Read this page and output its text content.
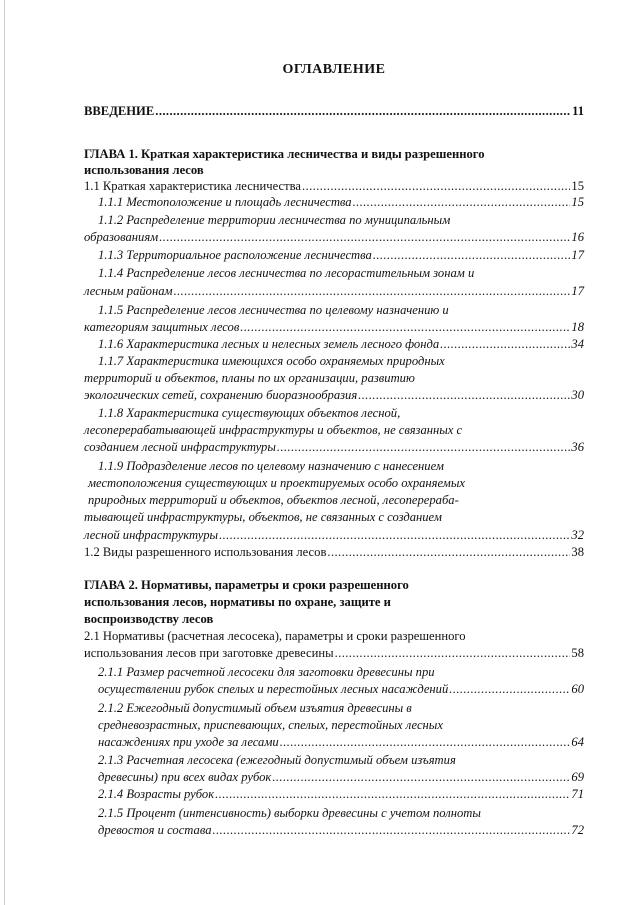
ОГЛАВЛЕНИЕ
ВВЕДЕНИЕ .....	11
ГЛАВА 1. Краткая характеристика лесничества и виды разрешенного
использования лесов
1.1 Краткая характеристика лесничества .....	15
1.1.1 Местоположение и площадь лесничества .....	15
1.1.2 Распределение территории лесничества по муниципальным
образованиям .....	16
1.1.3 Территориальное расположение лесничества .....	17
1.1.4 Распределение лесов лесничества по лесорастительным зонам и
лесным районам .....	17
1.1.5 Распределение лесов лесничества по целевому назначению и
категориям защитных лесов .....	18
1.1.6 Характеристика лесных и нелесных земель лесного фонда .....	34
1.1.7 Характеристика имеющихся особо охраняемых природных
территорий и объектов, планы по их организации, развитию
экологических сетей, сохранению биоразнообразия .....	30
1.1.8 Характеристика существующих объектов лесной,
лесоперерабатывающей инфраструктуры и объектов, не связанных с
созданием лесной инфраструктуры .....	36
1.1.9 Подразделение лесов по целевому назначению с нанесением
местоположения существующих и проектируемых особо охраняемых
природных территорий и объектов, объектов лесной, лесоперераба-
тывающей инфраструктуры, объектов, не связанных с созданием
лесной инфраструктуры .....	32
1.2 Виды разрешенного использования лесов .....	38
ГЛАВА 2. Нормативы, параметры и сроки разрешенного
использования лесов, нормативы по охране, защите и
воспроизводству лесов
2.1 Нормативы (расчетная лесосека), параметры и сроки разрешенного
использования лесов при заготовке древесины .....	58
2.1.1 Размер расчетной лесосеки для заготовки древесины при
осуществлении рубок спелых и перестойных лесных насаждений .....	60
2.1.2 Ежегодный допустимый объем изъятия древесины в
средневозрастных, приспевающих, спелых, перестойных лесных
насаждениях при уходе за лесами .....	64
2.1.3 Расчетная лесосека (ежегодный допустимый объем изъятия
древесины) при всех видах рубок .....	69
2.1.4 Возрасты рубок .....	71
2.1.5 Процент (интенсивность) выборки древесины с учетом полноты
древостоя и состава .....	72
